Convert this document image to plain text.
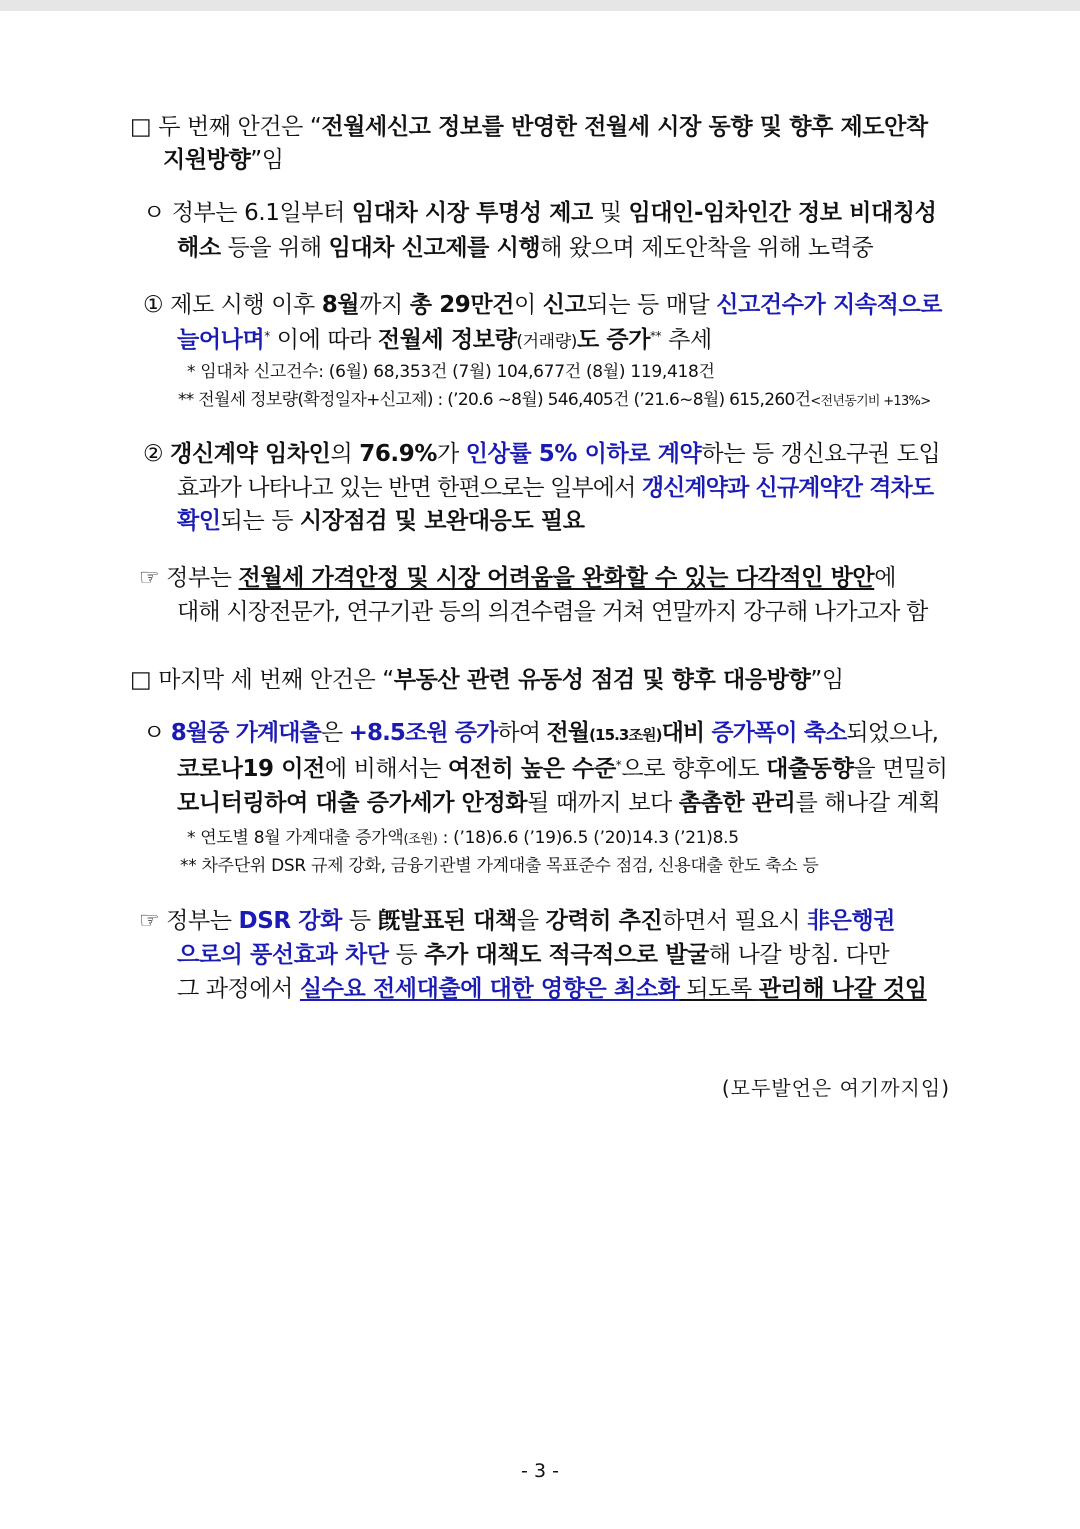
□ 두 번째 안건은 “전월세신고 정보를 반영한 전월세 시장 동향 및 향후 제도안착
지원방향”임
ㅇ 정부는 6.1일부터 임대차 시장 투명성 제고 및 임대인-임차인간 정보 비대칭성
해소 등을 위해 임대차 신고제를 시행해 왔으며 제도안착을 위해 노력중
① 제도 시행 이후 8월까지 총 29만건이 신고되는 등 매달 신고건수가 지속적으로
늘어나며* 이에 따라 전월세 정보량(거래량)도 증가** 추세
* 임대차 신고건수: (6월) 68,353건 (7월) 104,677건 (8월) 119,418건
** 전월세 정보량(확정일자+신고제) : (’20.6 ~8월) 546,405건 (’21.6~8월) 615,260건<전년동기비 +13%>
② 갱신계약 임차인의 76.9%가 인상률 5% 이하로 계약하는 등 갱신요구권 도입
효과가 나타나고 있는 반면 한편으로는 일부에서 갱신계약과 신규계약간 격차도
확인되는 등 시장점검 및 보완대응도 필요
☞ 정부는 전월세 가격안정 및 시장 어려움을 완화할 수 있는 다각적인 방안에
대해 시장전문가, 연구기관 등의 의견수렴을 거쳐 연말까지 강구해 나가고자 함
□ 마지막 세 번째 안건은 “부동산 관련 유동성 점검 및 향후 대응방향”임
ㅇ 8월중 가계대출은 +8.5조원 증가하여 전월(15.3조원)대비 증가폭이 축소되었으나,
코로나19 이전에 비해서는 여전히 높은 수준*으로 향후에도 대출동향을 면밀히
모니터링하여 대출 증가세가 안정화될 때까지 보다 촘촘한 관리를 해나갈 계획
* 연도별 8월 가계대출 증가액(조원) : (’18)6.6 (’19)6.5 (’20)14.3 (’21)8.5
** 차주단위 DSR 규제 강화, 금융기관별 가계대출 목표준수 점검, 신용대출 한도 축소 등
☞ 정부는 DSR 강화 등 旣발표된 대책을 강력히 추진하면서 필요시 非은행권
으로의 풍선효과 차단 등 추가 대책도 적극적으로 발굴해 나갈 방침. 다만
그 과정에서 실수요 전세대출에 대한 영향은 최소화 되도록 관리해 나갈 것임
(모두발언은 여기까지임)
- 3 -
